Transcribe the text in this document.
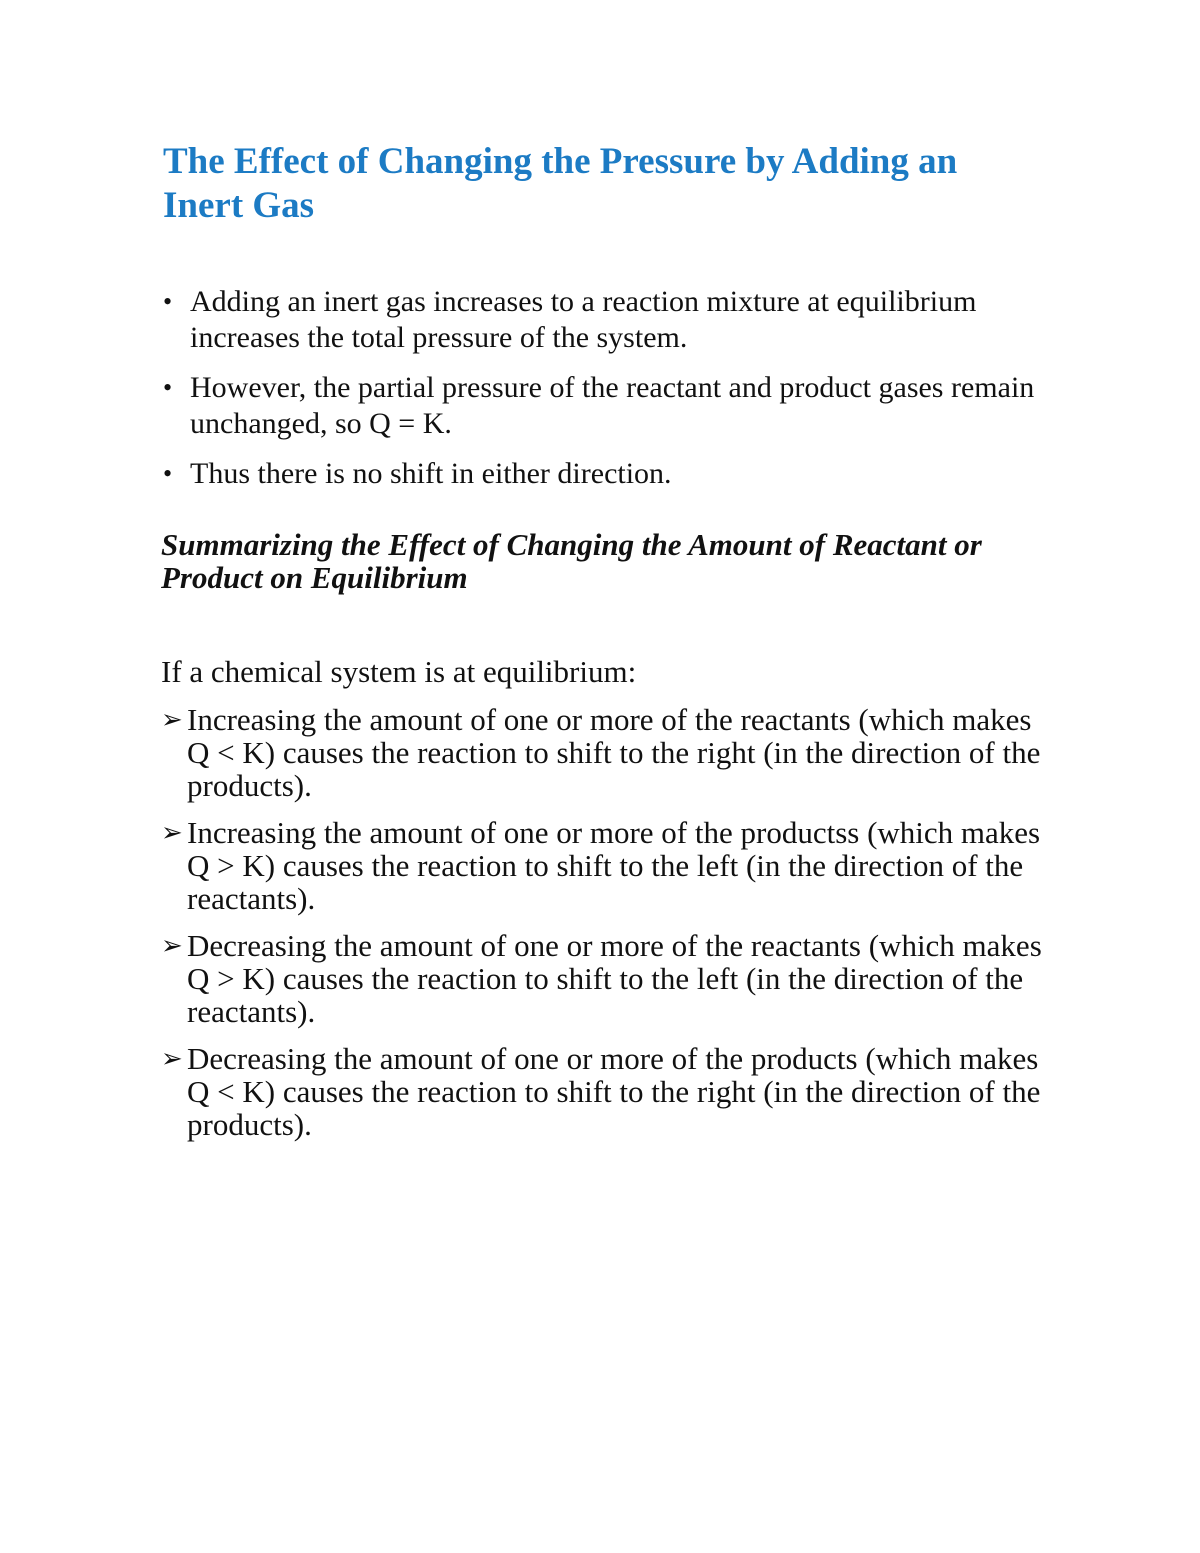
The Effect of Changing the Pressure by Adding an Inert Gas
• Adding an inert gas increases to a reaction mixture at equilibrium increases the total pressure of the system.
• However, the partial pressure of the reactant and product gases remain unchanged, so Q = K.
• Thus there is no shift in either direction.
Summarizing the Effect of Changing the Amount of Reactant or Product on Equilibrium

If a chemical system is at equilibrium:

➢ Increasing the amount of one or more of the reactants (which makes Q < K) causes the reaction to shift to the right (in the direction of the products).
➢ Increasing the amount of one or more of the productss (which makes Q > K) causes the reaction to shift to the left (in the direction of the reactants).
➢ Decreasing the amount of one or more of the reactants (which makes Q > K) causes the reaction to shift to the left (in the direction of the reactants).
➢ Decreasing the amount of one or more of the products (which makes Q < K) causes the reaction to shift to the right (in the direction of the products).
